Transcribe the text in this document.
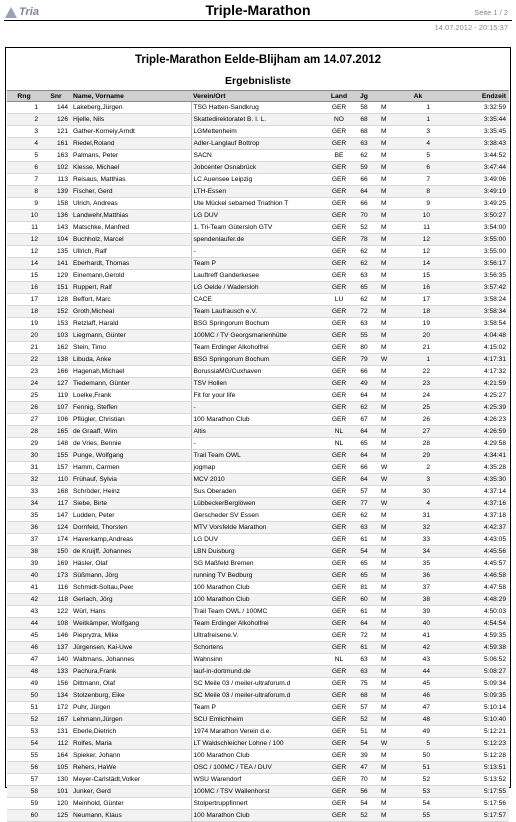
Tria	Triple-Marathon	Seite 1 / 2
14.07.2012 - 20:15:37
Triple-Marathon Eelde-Blijham am 14.07.2012
Ergebnisliste
Rng	Snr	Name, Vorname	Verein/Ort	Land	Jg		Ak	Endzeit
1	144	Lakeberg,Jürgen	TSG Hatten-Sandkrug	GER	58	M	1	3:32:59
2	126	Hjelle, Nils	Skattedirektoratet B. I. L.	NO	68	M	1	3:35:44
3	121	Gather-Korneiy,Arndt	LGMettenheim	GER	68	M	3	3:35:45
4	161	Riedel,Roland	Adler-Langlauf Bottrop	GER	63	M	4	3:38:43
5	163	Palmans, Peter	SACN	BE	62	M	5	3:44:52
6	102	Klesse, Michael	Jobcenter Osnabrück	GER	59	M	6	3:47:44
7	113	Reisaus, Matthias	LC Auensee Leipzig	GER	66	M	7	3:49:06
8	139	Fischer, Gerd	LTH-Essen	GER	64	M	8	3:49:19
9	158	Ulrich, Andreas	Ute Mückel sebamed Triathlon T	GER	66	M	9	3:49:25
10	136	Landwehr,Matthias	LG DUV	GER	70	M	10	3:50:27
11	143	Matschke, Manfred	1. Tri-Team Gütersloh GTV	GER	52	M	11	3:54:00
12	104	Buchholz, Marcel	spendenlaufer.de	GER	78	M	12	3:55:00
12	135	Ullrich, Ralf	-	GER	62	M	12	3:55:00
14	141	Eberhardt, Thomas	Team P	GER	62	M	14	3:56:17
15	129	Einemann,Gerold	Lauftreff Ganderkesee	GER	63	M	15	3:56:35
16	151	Ruppert, Ralf	LG Oelde / Wadersloh	GER	65	M	16	3:57:42
17	128	Beffort, Marc	CACE	LU	62	M	17	3:58:24
18	152	Groth,Micheal	Team Laufrausch e.V.	GER	72	M	18	3:58:34
19	153	Retzlaff, Harald	BSG Springorum Bochum	GER	63	M	19	3:58:54
20	103	Liegmann, Günter	100MC / TV Georgsmarienhütte	GER	55	M	20	4:04:48
21	162	Stein, Timo	Team Erdinger Alkoholfrei	GER	80	M	21	4:15:02
22	138	Libuda, Anke	BSG Springorum Bochum	GER	79	W	1	4:17:31
23	166	Hagenah,Michael	BorussiaMG/Cuxhaven	GER	66	M	22	4:17:32
24	127	Tiedemann, Günter	TSV Hollen	GER	49	M	23	4:21:59
25	119	Loelke,Frank	Fit for your life	GER	64	M	24	4:25:27
26	107	Fennig, Steffen	-	GER	62	M	25	4:25:39
27	106	Pflügler, Christian	100 Marathon Club	GER	67	M	26	4:26:23
28	165	de Graaff, Wim	Altis	NL	64	M	27	4:26:59
29	148	de Vries, Bennie	-	NL	65	M	28	4:29:58
30	155	Punge, Wolfgang	Trail Team OWL	GER	64	M	29	4:34:41
31	157	Hamm, Carmen	jogmap	GER	66	W	2	4:35:28
32	110	Frühauf, Sylvia	MCV 2010	GER	64	W	3	4:35:30
33	168	Schröder, Heinz	Sus Oberaden	GER	57	M	30	4:37:14
34	117	Siebe, Birte	LübbeckerBerglöwen	GER	77	W	4	4:37:16
35	147	Ludden, Peter	Gerscheder SV Essen	GER	62	M	31	4:37:18
36	124	Dornfeld, Thorsten	MTV Vorsfelde Marathon	GER	63	M	32	4:42:37
37	174	Haverkamp,Andreas	LG DUV	GER	61	M	33	4:43:05
38	150	de Kruijff, Johannes	LBN Duisburg	GER	54	M	34	4:45:56
39	169	Häsler, Olaf	SG Maßfeld Bremen	GER	65	M	35	4:45:57
40	173	Süßmann, Jörg	running TV Bedburg	GER	65	M	36	4:46:58
41	116	Schmidt-Soltau,Peer	100 Marathon Club	GER	81	M	37	4:47:58
42	118	Gerlach, Jörg	100 Marathon Club	GER	60	M	38	4:48:29
43	122	Würl, Hans	Trail Team OWL / 100MC	GER	61	M	39	4:50:03
44	108	Weitkämper, Wolfgang	Team Erdinger Alkoholfrei	GER	64	M	40	4:54:54
45	146	Piepryzra, Mike	Ultrafreisene.V.	GER	72	M	41	4:59:35
46	137	Jürgensen, Kai-Uwe	Schortens	GER	61	M	42	4:59:38
47	140	Waltmans, Johannes	Wahnsinn	NL	63	M	43	5:06:52
48	133	Pachura,Frank	lauf-in-dortmund.de	GER	63	M	44	5:08:27
49	156	Dittmann, Olaf	SC Meile 03 / meiler-ultraforum.d	GER	75	M	45	5:09:34
50	134	Stolzenburg, Eike	SC Meile 03 / meiler-ultraforum.d	GER	68	M	46	5:09:35
51	172	Puhr, Jürgen	Team P	GER	57	M	47	5:10:14
52	167	Lehmann,Jürgen	SCU Emlichheim	GER	52	M	48	5:10:40
53	131	Eberle,Dietrich	1974 Marathon Verein d.e.	GER	51	M	49	5:12:21
54	112	Rolfes, Maria	LT Waldschleicher Lohne / 100	GER	54	W	5	5:12:23
55	164	Spieker, Johann	100 Marathon Club	GER	39	M	50	5:12:28
56	105	Rehers, HaWe	OSC / 100MC / TEA / DUV	GER	47	M	51	5:13:51
57	130	Meyer-Carlstädt,Volker	WSU Warendorf	GER	70	M	52	5:13:52
58	101	Junker, Gerd	100MC / TSV Wallenhorst	GER	56	M	53	5:17:55
59	120	Meinhold, Günter	Stolpertruppfinnert	GER	54	M	54	5:17:56
60	125	Neumann, Klaus	100 Marathon Club	GER	52	M	55	5:17:57
